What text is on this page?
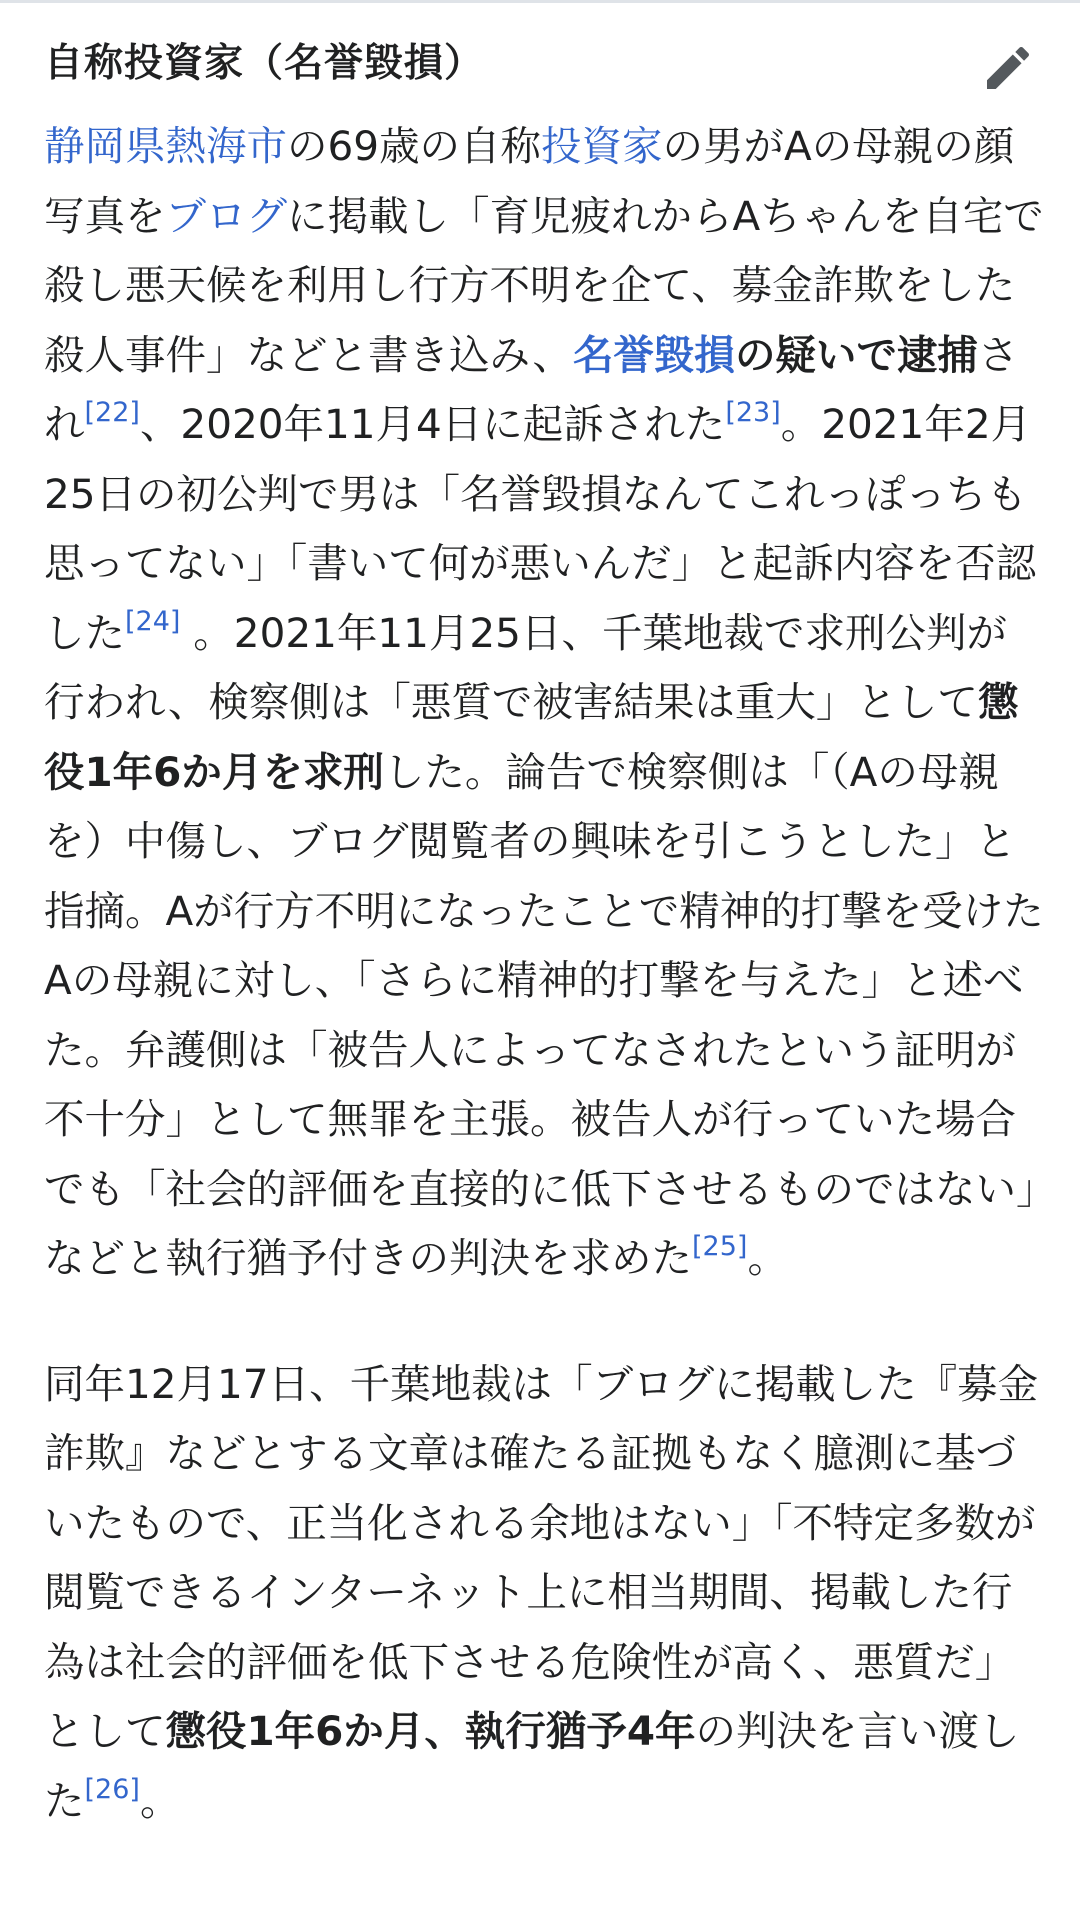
自称投資家（名誉毀損）

静岡県熱海市の69歳の自称投資家の男がAの母親の顔写真をブログに掲載し「育児疲れからAちゃんを自宅で殺し悪天候を利用し行方不明を企て、募金詐欺をした殺人事件」などと書き込み、名誉毀損の疑いで逮捕され[22]、2020年11月4日に起訴された[23]。2021年2月25日の初公判で男は「名誉毀損なんてこれっぽっちも思ってない」「書いて何が悪いんだ」と起訴内容を否認した[24] 。2021年11月25日、千葉地裁で求刑公判が行われ、検察側は「悪質で被害結果は重大」として懲役1年6か月を求刑した。論告で検察側は「（Aの母親を）中傷し、ブログ閲覧者の興味を引こうとした」と指摘。Aが行方不明になったことで精神的打撃を受けたAの母親に対し、「さらに精神的打撃を与えた」と述べた。弁護側は「被告人によってなされたという証明が不十分」として無罪を主張。被告人が行っていた場合でも「社会的評価を直接的に低下させるものではない」などと執行猶予付きの判決を求めた[25]。

同年12月17日、千葉地裁は「ブログに掲載した『募金詐欺』などとする文章は確たる証拠もなく臆測に基づいたもので、正当化される余地はない」「不特定多数が閲覧できるインターネット上に相当期間、掲載した行為は社会的評価を低下させる危険性が高く、悪質だ」として懲役1年6か月、執行猶予4年の判決を言い渡した[26]。
